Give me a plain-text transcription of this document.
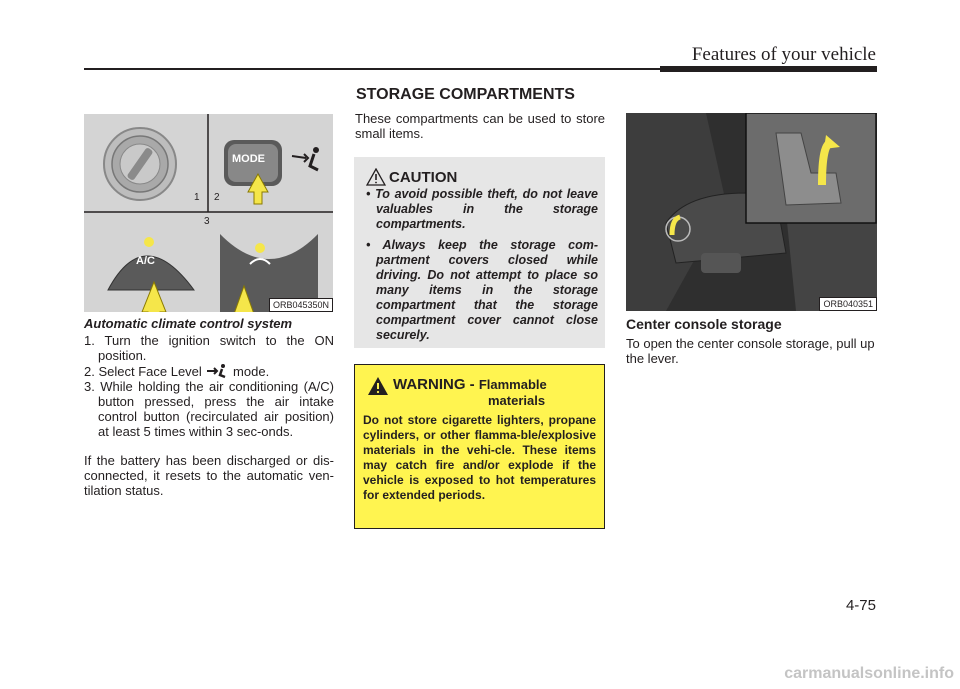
Features of your vehicle
STORAGE COMPARTMENTS
1 2
3
MODE
A/C
ORB045350N
Automatic climate control system

1. Turn the ignition switch to the ON position.

2. Select Face Level mode.

3. While holding the air conditioning (A/C) button pressed, press the air intake control button (recirculated air position) at least 5 times within 3 sec-onds.

If the battery has been discharged or dis-connected, it resets to the automatic ven-tilation status.
These compartments can be used to store small items.
CAUTION
• To avoid possible theft, do not leave valuables in the storage compartments.
• Always keep the storage com-partment covers closed while driving. Do not attempt to place so many items in the storage compartment that the storage compartment cover cannot close securely.
WARNING - Flammable
materials
Do not store cigarette lighters, propane cylinders, or other flamma-ble/explosive materials in the vehi-cle. These items may catch fire and/or explode if the vehicle is exposed to hot temperatures for extended periods.
ORB040351
Center console storage

To open the center console storage, pull up the lever.

4-75
carmanualsonline.info
